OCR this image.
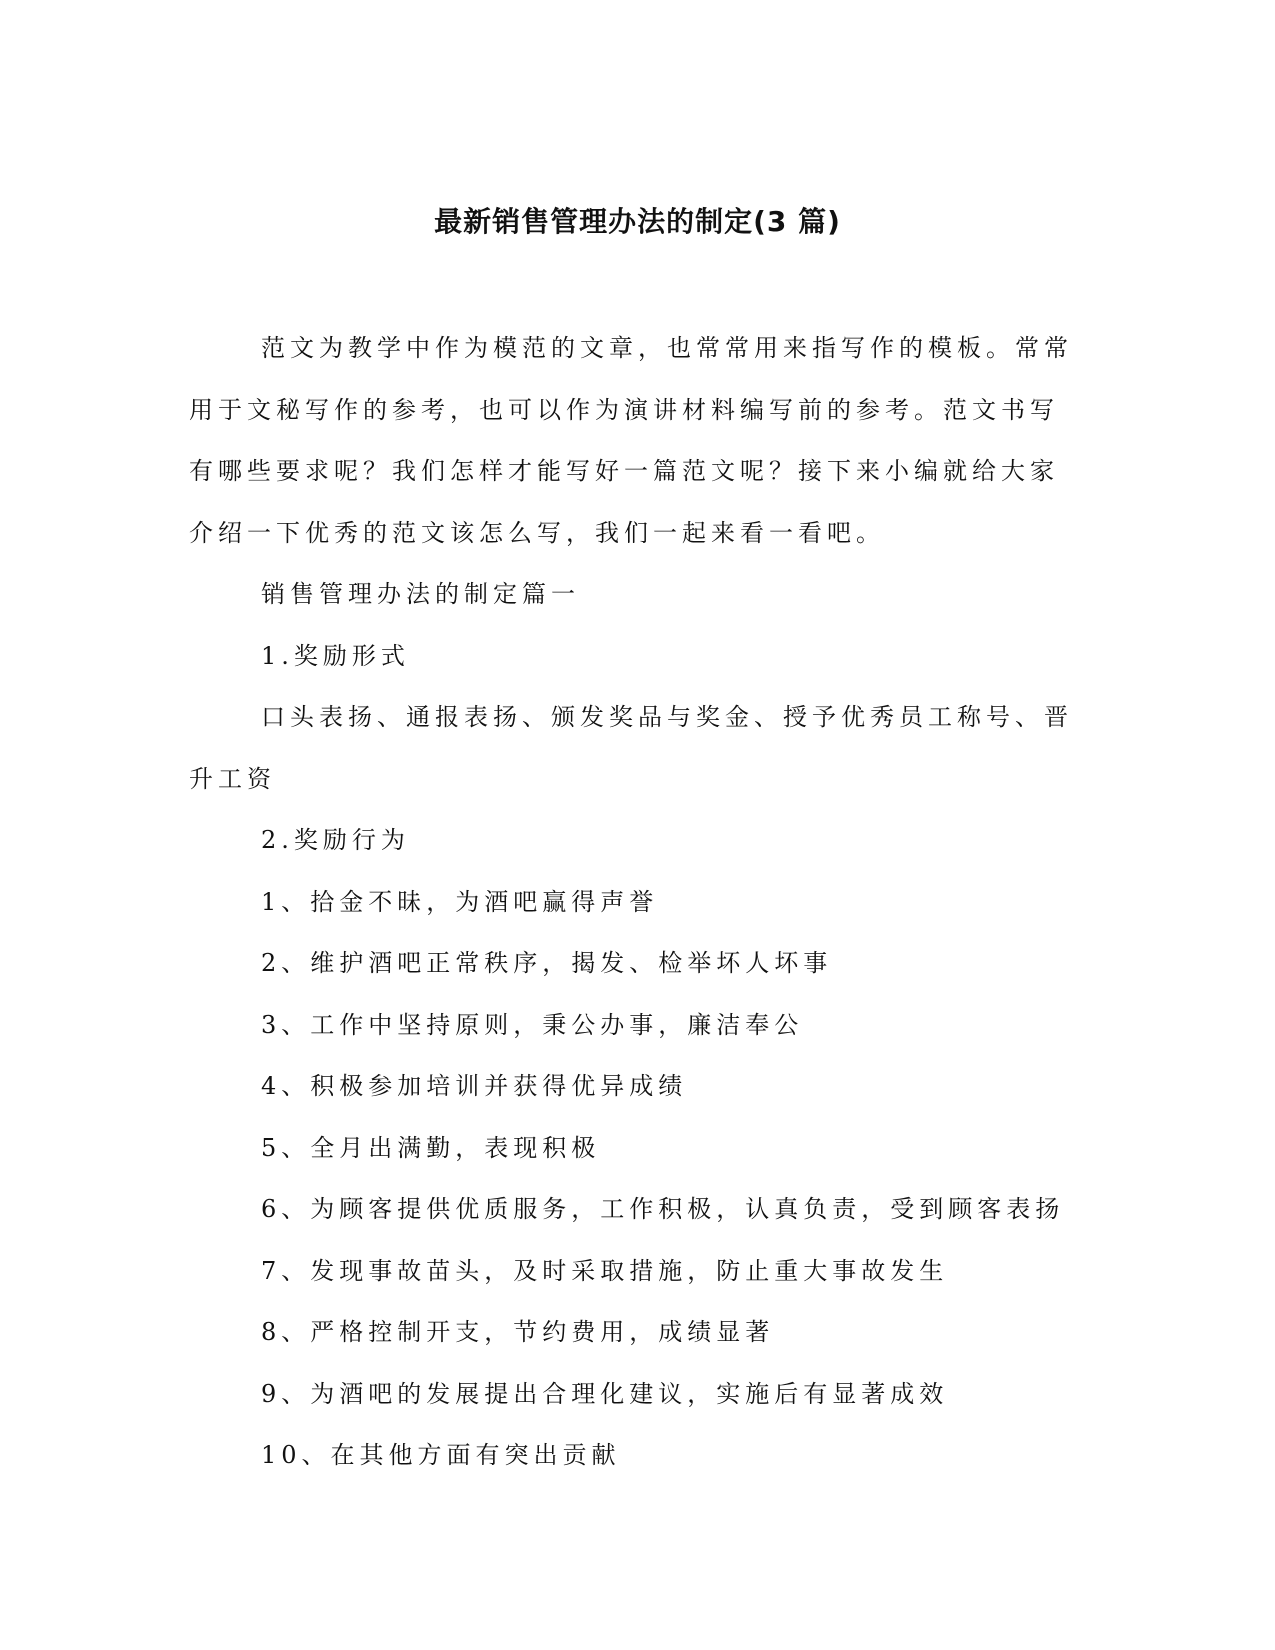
最新销售管理办法的制定(3 篇)

范文为教学中作为模范的文章，也常常用来指写作的模板。常常用于文秘写作的参考，也可以作为演讲材料编写前的参考。范文书写有哪些要求呢？我们怎样才能写好一篇范文呢？接下来小编就给大家介绍一下优秀的范文该怎么写，我们一起来看一看吧。

销售管理办法的制定篇一

1.奖励形式

口头表扬、通报表扬、颁发奖品与奖金、授予优秀员工称号、晋升工资

2.奖励行为

1、拾金不昧，为酒吧赢得声誉

2、维护酒吧正常秩序，揭发、检举坏人坏事

3、工作中坚持原则，秉公办事，廉洁奉公

4、积极参加培训并获得优异成绩

5、全月出满勤，表现积极

6、为顾客提供优质服务，工作积极，认真负责，受到顾客表扬

7、发现事故苗头，及时采取措施，防止重大事故发生

8、严格控制开支，节约费用，成绩显著

9、为酒吧的发展提出合理化建议，实施后有显著成效

10、在其他方面有突出贡献
